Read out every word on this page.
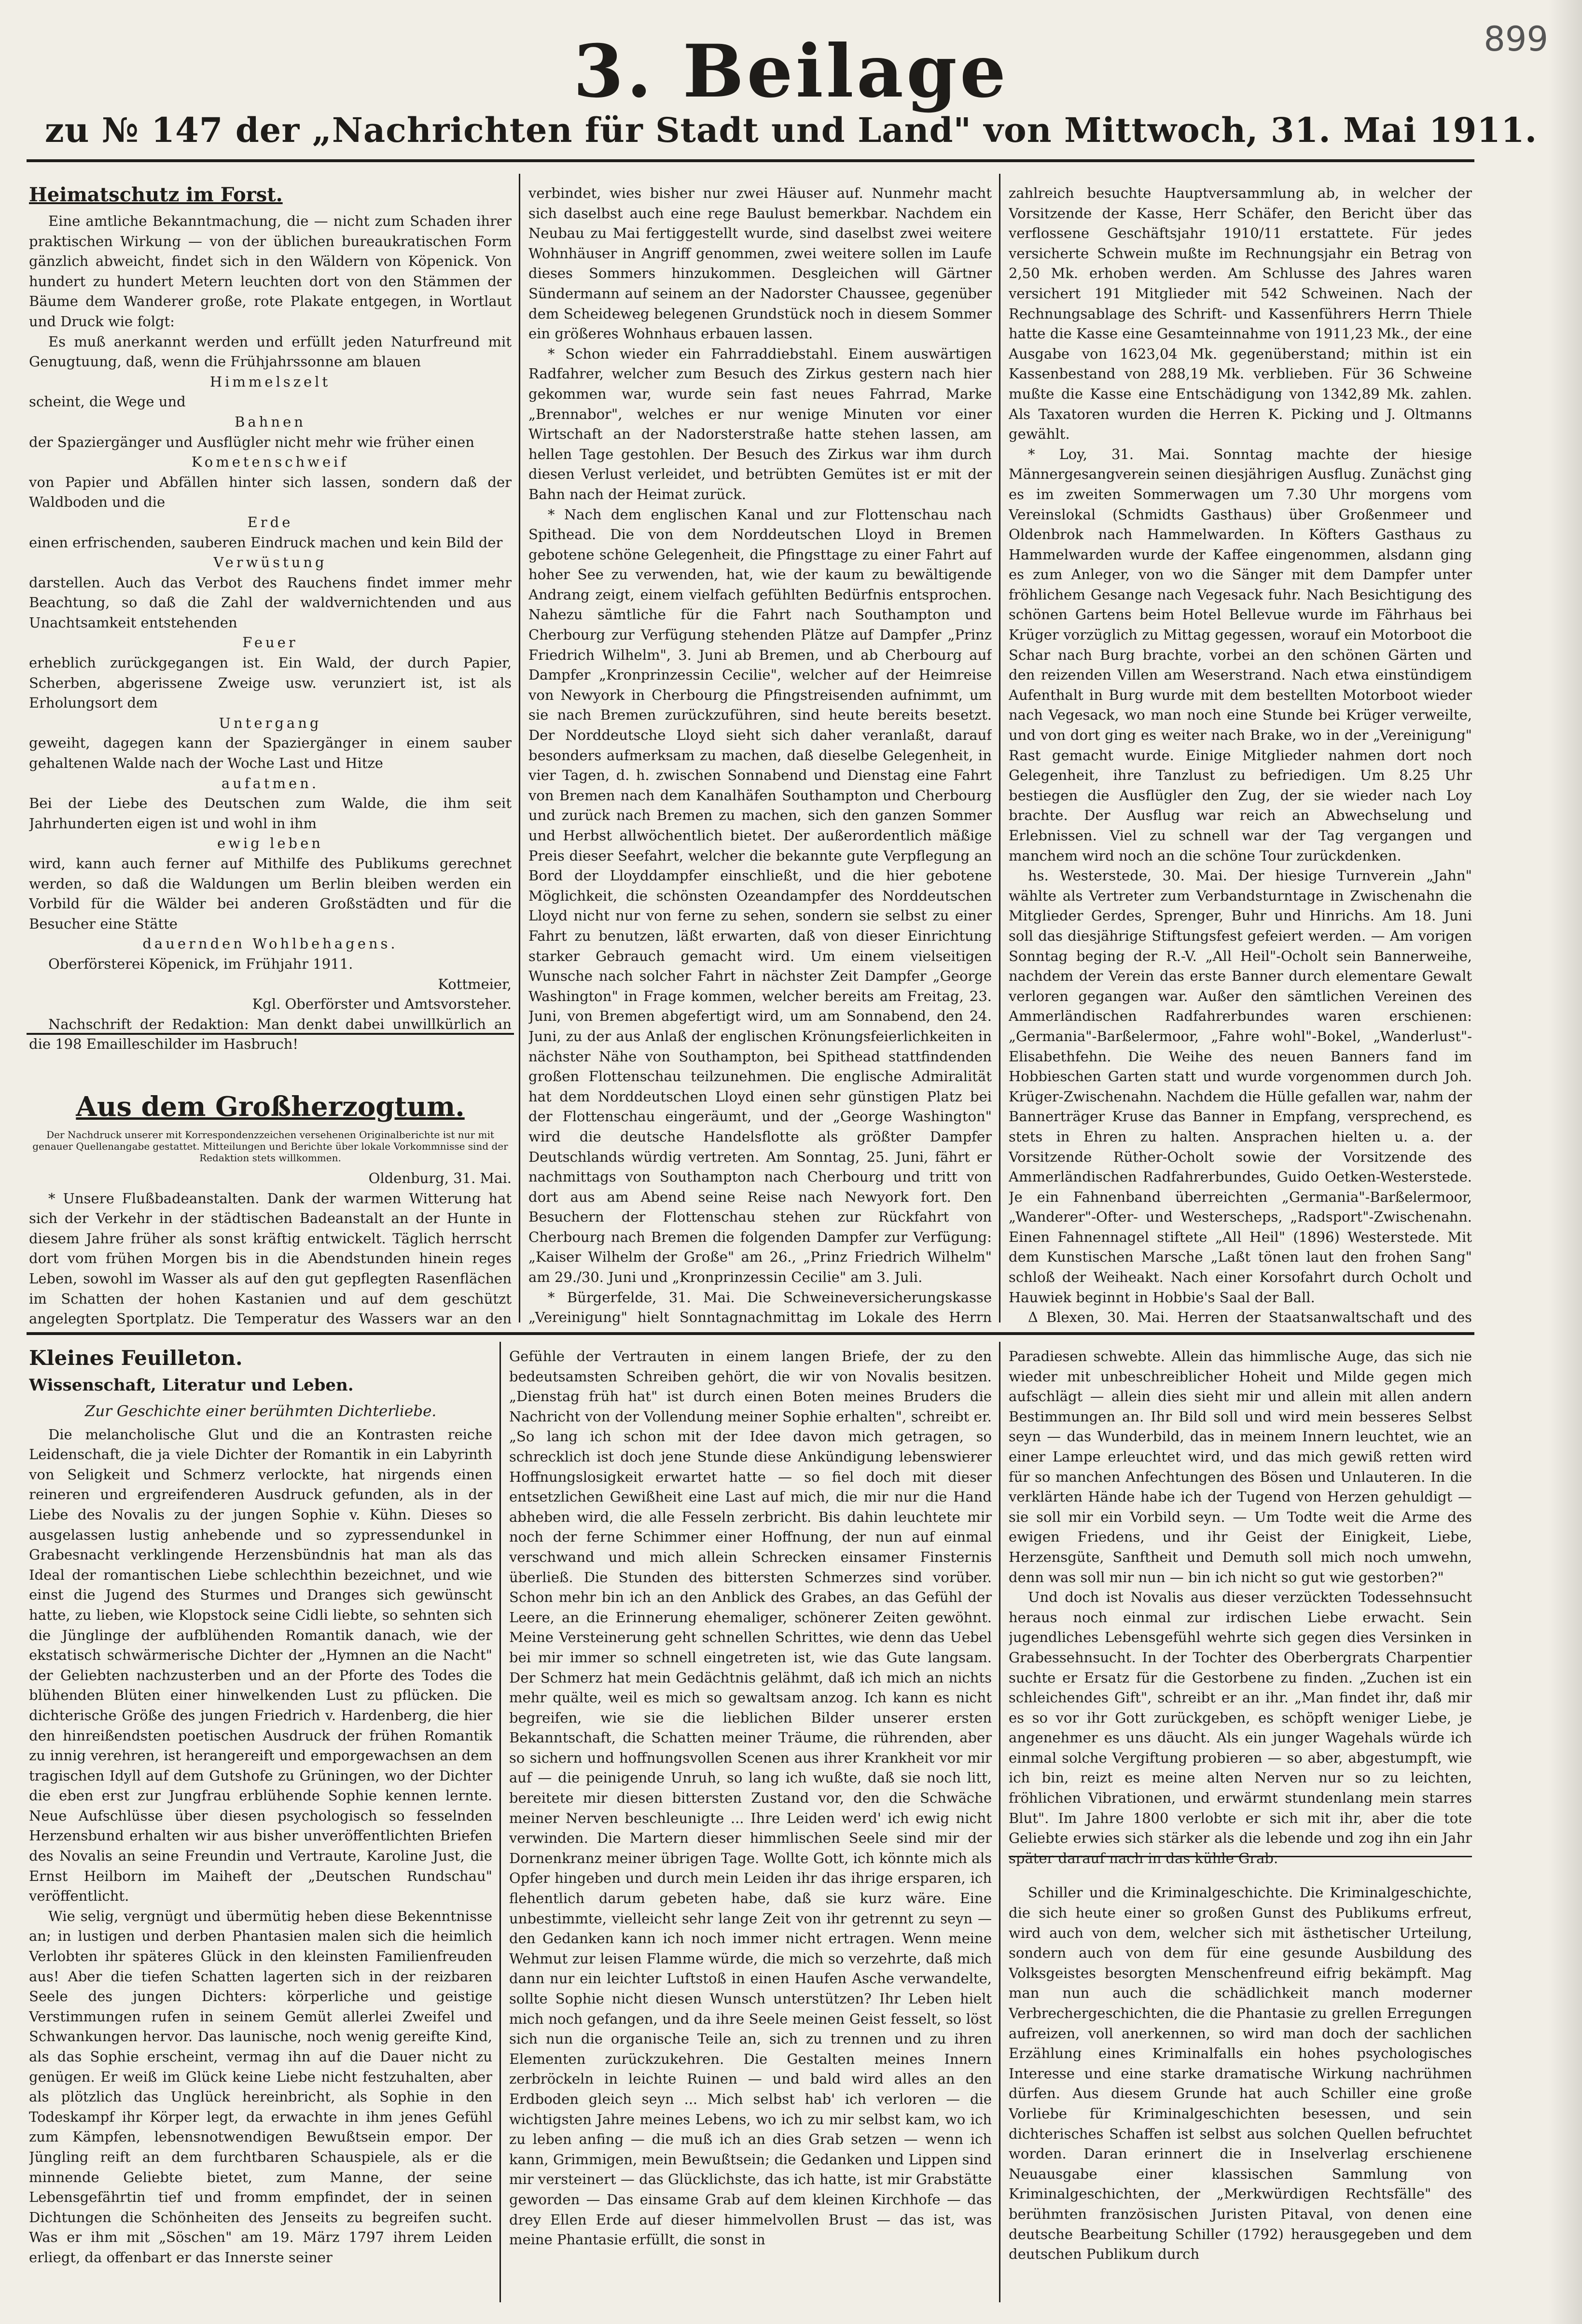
899
3. Beilage
zu № 147 der „Nachrichten für Stadt und Land" von Mittwoch, 31. Mai 1911.
Heimatschutz im Forst.

Eine amtliche Bekanntmachung, die — nicht zum Schaden ihrer praktischen Wirkung — von der üblichen bureaukratischen Form gänzlich abweicht, findet sich in den Wäldern von Köpenick. Von hundert zu hundert Metern leuchten dort von den Stämmen der Bäume dem Wanderer große, rote Plakate entgegen, in Wortlaut und Druck wie folgt:

Es muß anerkannt werden und erfüllt jeden Naturfreund mit Genugtuung, daß, wenn die Frühjahrssonne am blauen

Himmelszelt

scheint, die Wege und

Bahnen

der Spaziergänger und Ausflügler nicht mehr wie früher einen

Kometenschweif

von Papier und Abfällen hinter sich lassen, sondern daß der Waldboden und die

Erde

einen erfrischenden, sauberen Eindruck machen und kein Bild der

Verwüstung

darstellen. Auch das Verbot des Rauchens findet immer mehr Beachtung, so daß die Zahl der waldvernichtenden und aus Unachtsamkeit entstehenden

Feuer

erheblich zurückgegangen ist. Ein Wald, der durch Papier, Scherben, abgerissene Zweige usw. verunziert ist, ist als Erholungsort dem

Untergang

geweiht, dagegen kann der Spaziergänger in einem sauber gehaltenen Walde nach der Woche Last und Hitze

aufatmen.

Bei der Liebe des Deutschen zum Walde, die ihm seit Jahrhunderten eigen ist und wohl in ihm

ewig leben

wird, kann auch ferner auf Mithilfe des Publikums gerechnet werden, so daß die Waldungen um Berlin bleiben werden ein Vorbild für die Wälder bei anderen Großstädten und für die Besucher eine Stätte

dauernden Wohlbehagens.

Oberförsterei Köpenick, im Frühjahr 1911.

Kottmeier,

Kgl. Oberförster und Amtsvorsteher.

Nachschrift der Redaktion: Man denkt dabei unwillkürlich an die 198 Emailleschilder im Hasbruch!

Aus dem Großherzogtum.

Der Nachdruck unserer mit Korrespondenzzeichen versehenen Originalberichte ist nur mit genauer Quellenangabe gestattet. Mitteilungen und Berichte über lokale Vorkommnisse sind der Redaktion stets willkommen.

Oldenburg, 31. Mai.

* Unsere Flußbadeanstalten. Dank der warmen Witterung hat sich der Verkehr in der städtischen Badeanstalt an der Hunte in diesem Jahre früher als sonst kräftig entwickelt. Täglich herrscht dort vom frühen Morgen bis in die Abendstunden hinein reges Leben, sowohl im Wasser als auf den gut gepflegten Rasenflächen im Schatten der hohen Kastanien und auf dem geschützt angelegten Sportplatz. Die Temperatur des Wassers war an den

verbindet, wies bisher nur zwei Häuser auf. Nunmehr macht sich daselbst auch eine rege Baulust bemerkbar. Nachdem ein Neubau zu Mai fertiggestellt wurde, sind daselbst zwei weitere Wohnhäuser in Angriff genommen, zwei weitere sollen im Laufe dieses Sommers hinzukommen. Desgleichen will Gärtner Sündermann auf seinem an der Nadorster Chaussee, gegenüber dem Scheideweg belegenen Grundstück noch in diesem Sommer ein größeres Wohnhaus erbauen lassen.

* Schon wieder ein Fahrraddiebstahl. Einem auswärtigen Radfahrer, welcher zum Besuch des Zirkus gestern nach hier gekommen war, wurde sein fast neues Fahrrad, Marke „Brennabor", welches er nur wenige Minuten vor einer Wirtschaft an der Nadorsterstraße hatte stehen lassen, am hellen Tage gestohlen. Der Besuch des Zirkus war ihm durch diesen Verlust verleidet, und betrübten Gemütes ist er mit der Bahn nach der Heimat zurück.

* Nach dem englischen Kanal und zur Flottenschau nach Spithead. Die von dem Norddeutschen Lloyd in Bremen gebotene schöne Gelegenheit, die Pfingsttage zu einer Fahrt auf hoher See zu verwenden, hat, wie der kaum zu bewältigende Andrang zeigt, einem vielfach gefühlten Bedürfnis entsprochen. Nahezu sämtliche für die Fahrt nach Southampton und Cherbourg zur Verfügung stehenden Plätze auf Dampfer „Prinz Friedrich Wilhelm", 3. Juni ab Bremen, und ab Cherbourg auf Dampfer „Kronprinzessin Cecilie", welcher auf der Heimreise von Newyork in Cherbourg die Pfingstreisenden aufnimmt, um sie nach Bremen zurückzuführen, sind heute bereits besetzt. Der Norddeutsche Lloyd sieht sich daher veranlaßt, darauf besonders aufmerksam zu machen, daß dieselbe Gelegenheit, in vier Tagen, d. h. zwischen Sonnabend und Dienstag eine Fahrt von Bremen nach dem Kanalhäfen Southampton und Cherbourg und zurück nach Bremen zu machen, sich den ganzen Sommer und Herbst allwöchentlich bietet. Der außerordentlich mäßige Preis dieser Seefahrt, welcher die bekannte gute Verpflegung an Bord der Lloyddampfer einschließt, und die hier gebotene Möglichkeit, die schönsten Ozeandampfer des Norddeutschen Lloyd nicht nur von ferne zu sehen, sondern sie selbst zu einer Fahrt zu benutzen, läßt erwarten, daß von dieser Einrichtung starker Gebrauch gemacht wird. Um einem vielseitigen Wunsche nach solcher Fahrt in nächster Zeit Dampfer „George Washington" in Frage kommen, welcher bereits am Freitag, 23. Juni, von Bremen abgefertigt wird, um am Sonnabend, den 24. Juni, zu der aus Anlaß der englischen Krönungsfeierlichkeiten in nächster Nähe von Southampton, bei Spithead stattfindenden großen Flottenschau teilzunehmen. Die englische Admiralität hat dem Norddeutschen Lloyd einen sehr günstigen Platz bei der Flottenschau eingeräumt, und der „George Washington" wird die deutsche Handelsflotte als größter Dampfer Deutschlands würdig vertreten. Am Sonntag, 25. Juni, fährt er nachmittags von Southampton nach Cherbourg und tritt von dort aus am Abend seine Reise nach Newyork fort. Den Besuchern der Flottenschau stehen zur Rückfahrt von Cherbourg nach Bremen die folgenden Dampfer zur Verfügung: „Kaiser Wilhelm der Große" am 26., „Prinz Friedrich Wilhelm" am 29./30. Juni und „Kronprinzessin Cecilie" am 3. Juli.

* Bürgerfelde, 31. Mai. Die Schweineversicherungskasse „Vereinigung" hielt Sonntagnachmittag im Lokale des Herrn

zahlreich besuchte Hauptversammlung ab, in welcher der Vorsitzende der Kasse, Herr Schäfer, den Bericht über das verflossene Geschäftsjahr 1910/11 erstattete. Für jedes versicherte Schwein mußte im Rechnungsjahr ein Betrag von 2,50 Mk. erhoben werden. Am Schlusse des Jahres waren versichert 191 Mitglieder mit 542 Schweinen. Nach der Rechnungsablage des Schrift- und Kassenführers Herrn Thiele hatte die Kasse eine Gesamteinnahme von 1911,23 Mk., der eine Ausgabe von 1623,04 Mk. gegenüberstand; mithin ist ein Kassenbestand von 288,19 Mk. verblieben. Für 36 Schweine mußte die Kasse eine Entschädigung von 1342,89 Mk. zahlen. Als Taxatoren wurden die Herren K. Picking und J. Oltmanns gewählt.

* Loy, 31. Mai. Sonntag machte der hiesige Männergesangverein seinen diesjährigen Ausflug. Zunächst ging es im zweiten Sommerwagen um 7.30 Uhr morgens vom Vereinslokal (Schmidts Gasthaus) über Großenmeer und Oldenbrok nach Hammelwarden. In Köfters Gasthaus zu Hammelwarden wurde der Kaffee eingenommen, alsdann ging es zum Anleger, von wo die Sänger mit dem Dampfer unter fröhlichem Gesange nach Vegesack fuhr. Nach Besichtigung des schönen Gartens beim Hotel Bellevue wurde im Fährhaus bei Krüger vorzüglich zu Mittag gegessen, worauf ein Motorboot die Schar nach Burg brachte, vorbei an den schönen Gärten und den reizenden Villen am Weserstrand. Nach etwa einstündigem Aufenthalt in Burg wurde mit dem bestellten Motorboot wieder nach Vegesack, wo man noch eine Stunde bei Krüger verweilte, und von dort ging es weiter nach Brake, wo in der „Vereinigung" Rast gemacht wurde. Einige Mitglieder nahmen dort noch Gelegenheit, ihre Tanzlust zu befriedigen. Um 8.25 Uhr bestiegen die Ausflügler den Zug, der sie wieder nach Loy brachte. Der Ausflug war reich an Abwechselung und Erlebnissen. Viel zu schnell war der Tag vergangen und manchem wird noch an die schöne Tour zurückdenken.

hs. Westerstede, 30. Mai. Der hiesige Turnverein „Jahn" wählte als Vertreter zum Verbandsturntage in Zwischenahn die Mitglieder Gerdes, Sprenger, Buhr und Hinrichs. Am 18. Juni soll das diesjährige Stiftungsfest gefeiert werden. — Am vorigen Sonntag beging der R.-V. „All Heil"-Ocholt sein Bannerweihe, nachdem der Verein das erste Banner durch elementare Gewalt verloren gegangen war. Außer den sämtlichen Vereinen des Ammerländischen Radfahrerbundes waren erschienen: „Germania"-Barßelermoor, „Fahre wohl"-Bokel, „Wanderlust"-Elisabethfehn. Die Weihe des neuen Banners fand im Hobbieschen Garten statt und wurde vorgenommen durch Joh. Krüger-Zwischenahn. Nachdem die Hülle gefallen war, nahm der Bannerträger Kruse das Banner in Empfang, versprechend, es stets in Ehren zu halten. Ansprachen hielten u. a. der Vorsitzende Rüther-Ocholt sowie der Vorsitzende des Ammerländischen Radfahrerbundes, Guido Oetken-Westerstede. Je ein Fahnenband überreichten „Germania"-Barßelermoor, „Wanderer"-Ofter- und Westerscheps, „Radsport"-Zwischenahn. Einen Fahnennagel stiftete „All Heil" (1896) Westerstede. Mit dem Kunstischen Marsche „Laßt tönen laut den frohen Sang" schloß der Weiheakt. Nach einer Korsofahrt durch Ocholt und Hauwiek beginnt in Hobbie's Saal der Ball.

Δ Blexen, 30. Mai. Herren der Staatsanwaltschaft und des

Kleines Feuilleton.
Wissenschaft, Literatur und Leben.

Zur Geschichte einer berühmten Dichterliebe.

Die melancholische Glut und die an Kontrasten reiche Leidenschaft, die ja viele Dichter der Romantik in ein Labyrinth von Seligkeit und Schmerz verlockte, hat nirgends einen reineren und ergreifenderen Ausdruck gefunden, als in der Liebe des Novalis zu der jungen Sophie v. Kühn. Dieses so ausgelassen lustig anhebende und so zypressendunkel in Grabesnacht verklingende Herzensbündnis hat man als das Ideal der romantischen Liebe schlechthin bezeichnet, und wie einst die Jugend des Sturmes und Dranges sich gewünscht hatte, zu lieben, wie Klopstock seine Cidli liebte, so sehnten sich die Jünglinge der aufblühenden Romantik danach, wie der ekstatisch schwärmerische Dichter der „Hymnen an die Nacht" der Geliebten nachzusterben und an der Pforte des Todes die blühenden Blüten einer hinwelkenden Lust zu pflücken. Die dichterische Größe des jungen Friedrich v. Hardenberg, die hier den hinreißendsten poetischen Ausdruck der frühen Romantik zu innig verehren, ist herangereift und emporgewachsen an dem tragischen Idyll auf dem Gutshofe zu Grüningen, wo der Dichter die eben erst zur Jungfrau erblühende Sophie kennen lernte. Neue Aufschlüsse über diesen psychologisch so fesselnden Herzensbund erhalten wir aus bisher unveröffentlichten Briefen des Novalis an seine Freundin und Vertraute, Karoline Just, die Ernst Heilborn im Maiheft der „Deutschen Rundschau" veröffentlicht.

Wie selig, vergnügt und übermütig heben diese Bekenntnisse an; in lustigen und derben Phantasien malen sich die heimlich Verlobten ihr späteres Glück in den kleinsten Familienfreuden aus! Aber die tiefen Schatten lagerten sich in der reizbaren Seele des jungen Dichters: körperliche und geistige Verstimmungen rufen in seinem Gemüt allerlei Zweifel und Schwankungen hervor. Das launische, noch wenig gereifte Kind, als das Sophie erscheint, vermag ihn auf die Dauer nicht zu genügen. Er weiß im Glück keine Liebe nicht festzuhalten, aber als plötzlich das Unglück hereinbricht, als Sophie in den Todeskampf ihr Körper legt, da erwachte in ihm jenes Gefühl zum Kämpfen, lebensnotwendigen Bewußtsein empor. Der Jüngling reift an dem furchtbaren Schauspiele, als er die minnende Geliebte bietet, zum Manne, der seine Lebensgefährtin tief und fromm empfindet, der in seinen Dichtungen die Schönheiten des Jenseits zu begreifen sucht. Was er ihm mit „Söschen" am 19. März 1797 ihrem Leiden erliegt, da offenbart er das Innerste seiner

Gefühle der Vertrauten in einem langen Briefe, der zu den bedeutsamsten Schreiben gehört, die wir von Novalis besitzen. „Dienstag früh hat" ist durch einen Boten meines Bruders die Nachricht von der Vollendung meiner Sophie erhalten", schreibt er. „So lang ich schon mit der Idee davon mich getragen, so schrecklich ist doch jene Stunde diese Ankündigung lebenswierer Hoffnungslosigkeit erwartet hatte — so fiel doch mit dieser entsetzlichen Gewißheit eine Last auf mich, die mir nur die Hand abheben wird, die alle Fesseln zerbricht. Bis dahin leuchtete mir noch der ferne Schimmer einer Hoffnung, der nun auf einmal verschwand und mich allein Schrecken einsamer Finsternis überließ. Die Stunden des bittersten Schmerzes sind vorüber. Schon mehr bin ich an den Anblick des Grabes, an das Gefühl der Leere, an die Erinnerung ehemaliger, schönerer Zeiten gewöhnt. Meine Versteinerung geht schnellen Schrittes, wie denn das Uebel bei mir immer so schnell eingetreten ist, wie das Gute langsam. Der Schmerz hat mein Gedächtnis gelähmt, daß ich mich an nichts mehr quälte, weil es mich so gewaltsam anzog. Ich kann es nicht begreifen, wie sie die lieblichen Bilder unserer ersten Bekanntschaft, die Schatten meiner Träume, die rührenden, aber so sichern und hoffnungsvollen Scenen aus ihrer Krankheit vor mir auf — die peinigende Unruh, so lang ich wußte, daß sie noch litt, bereitete mir diesen bittersten Zustand vor, den die Schwäche meiner Nerven beschleunigte ... Ihre Leiden werd' ich ewig nicht verwinden. Die Martern dieser himmlischen Seele sind mir der Dornenkranz meiner übrigen Tage. Wollte Gott, ich könnte mich als Opfer hingeben und durch mein Leiden ihr das ihrige ersparen, ich flehentlich darum gebeten habe, daß sie kurz wäre. Eine unbestimmte, vielleicht sehr lange Zeit von ihr getrennt zu seyn — den Gedanken kann ich noch immer nicht ertragen. Wenn meine Wehmut zur leisen Flamme würde, die mich so verzehrte, daß mich dann nur ein leichter Luftstoß in einen Haufen Asche verwandelte, sollte Sophie nicht diesen Wunsch unterstützen? Ihr Leben hielt mich noch gefangen, und da ihre Seele meinen Geist fesselt, so löst sich nun die organische Teile an, sich zu trennen und zu ihren Elementen zurückzukehren. Die Gestalten meines Innern zerbröckeln in leichte Ruinen — und bald wird alles an den Erdboden gleich seyn ... Mich selbst hab' ich verloren — die wichtigsten Jahre meines Lebens, wo ich zu mir selbst kam, wo ich zu leben anfing — die muß ich an dies Grab setzen — wenn ich kann, Grimmigen, mein Bewußtsein; die Gedanken und Lippen sind mir versteinert — das Glücklichste, das ich hatte, ist mir Grabstätte geworden — Das einsame Grab auf dem kleinen Kirchhofe — das drey Ellen Erde auf dieser himmelvollen Brust — das ist, was meine Phantasie erfüllt, die sonst in

Paradiesen schwebte. Allein das himmlische Auge, das sich nie wieder mit unbeschreiblicher Hoheit und Milde gegen mich aufschlägt — allein dies sieht mir und allein mit allen andern Bestimmungen an. Ihr Bild soll und wird mein besseres Selbst seyn — das Wunderbild, das in meinem Innern leuchtet, wie an einer Lampe erleuchtet wird, und das mich gewiß retten wird für so manchen Anfechtungen des Bösen und Unlauteren. In die verklärten Hände habe ich der Tugend von Herzen gehuldigt — sie soll mir ein Vorbild seyn. — Um Todte weit die Arme des ewigen Friedens, und ihr Geist der Einigkeit, Liebe, Herzensgüte, Sanftheit und Demuth soll mich noch umwehn, denn was soll mir nun — bin ich nicht so gut wie gestorben?"

Und doch ist Novalis aus dieser verzückten Todessehnsucht heraus noch einmal zur irdischen Liebe erwacht. Sein jugendliches Lebensgefühl wehrte sich gegen dies Versinken in Grabessehnsucht. In der Tochter des Oberbergrats Charpentier suchte er Ersatz für die Gestorbene zu finden. „Zuchen ist ein schleichendes Gift", schreibt er an ihr. „Man findet ihr, daß mir es so vor ihr Gott zurückgeben, es schöpft weniger Liebe, je angenehmer es uns däucht. Als ein junger Wagehals würde ich einmal solche Vergiftung probieren — so aber, abgestumpft, wie ich bin, reizt es meine alten Nerven nur so zu leichten, fröhlichen Vibrationen, und erwärmt stundenlang mein starres Blut". Im Jahre 1800 verlobte er sich mit ihr, aber die tote Geliebte erwies sich stärker als die lebende und zog ihn ein Jahr später darauf nach in das kühle Grab.

Schiller und die Kriminalgeschichte. Die Kriminalgeschichte, die sich heute einer so großen Gunst des Publikums erfreut, wird auch von dem, welcher sich mit ästhetischer Urteilung, sondern auch von dem für eine gesunde Ausbildung des Volksgeistes besorgten Menschenfreund eifrig bekämpft. Mag man nun auch die schädlichkeit manch moderner Verbrechergeschichten, die die Phantasie zu grellen Erregungen aufreizen, voll anerkennen, so wird man doch der sachlichen Erzählung eines Kriminalfalls ein hohes psychologisches Interesse und eine starke dramatische Wirkung nachrühmen dürfen. Aus diesem Grunde hat auch Schiller eine große Vorliebe für Kriminalgeschichten besessen, und sein dichterisches Schaffen ist selbst aus solchen Quellen befruchtet worden. Daran erinnert die in Inselverlag erschienene Neuausgabe einer klassischen Sammlung von Kriminalgeschichten, der „Merkwürdigen Rechtsfälle" des berühmten französischen Juristen Pitaval, von denen eine deutsche Bearbeitung Schiller (1792) herausgegeben und dem deutschen Publikum durch
